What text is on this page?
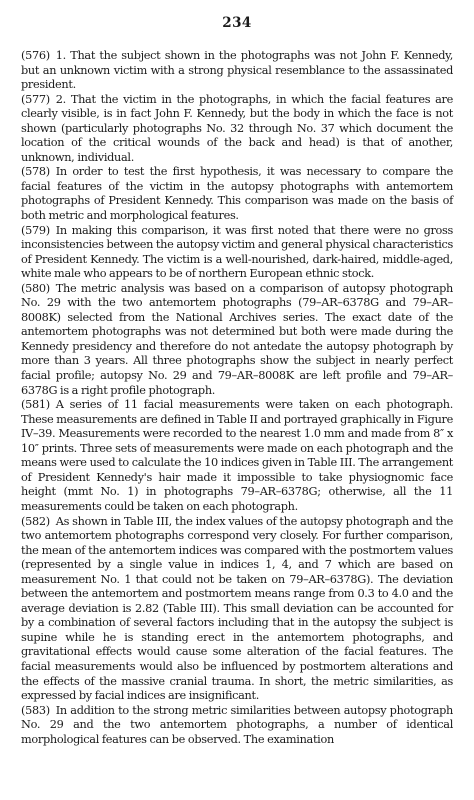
234

(576) 1. That the subject shown in the photographs was not John F. Kennedy, but an unknown victim with a strong physical resemblance to the assassinated president.

(577) 2. That the victim in the photographs, in which the facial features are clearly visible, is in fact John F. Kennedy, but the body in which the face is not shown (particularly photographs No. 32 through No. 37 which document the location of the critical wounds of the back and head) is that of another, unknown, individual.

(578) In order to test the first hypothesis, it was necessary to compare the facial features of the victim in the autopsy photographs with antemortem photographs of President Kennedy. This comparison was made on the basis of both metric and morphological features.

(579) In making this comparison, it was first noted that there were no gross inconsistencies between the autopsy victim and general physical characteristics of President Kennedy. The victim is a well-nourished, dark-haired, middle-aged, white male who appears to be of northern European ethnic stock.

(580) The metric analysis was based on a comparison of autopsy photograph No. 29 with the two antemortem photographs (79–AR–6378G and 79–AR–8008K) selected from the National Archives series. The exact date of the antemortem photographs was not determined but both were made during the Kennedy presidency and therefore do not antedate the autopsy photograph by more than 3 years. All three photographs show the subject in nearly perfect facial profile; autopsy No. 29 and 79–AR–8008K are left profile and 79–AR–6378G is a right profile photograph.

(581) A series of 11 facial measurements were taken on each photograph. These measurements are defined in Table II and portrayed graphically in Figure IV–39. Measurements were recorded to the nearest 1.0 mm and made from 8″ x 10″ prints. Three sets of measurements were made on each photograph and the means were used to calculate the 10 indices given in Table III. The arrangement of President Kennedy's hair made it impossible to take physiognomic face height (mmt No. 1) in photographs 79–AR–6378G; otherwise, all the 11 measurements could be taken on each photograph.

(582) As shown in Table III, the index values of the autopsy photograph and the two antemortem photographs correspond very closely. For further comparison, the mean of the antemortem indices was compared with the postmortem values (represented by a single value in indices 1, 4, and 7 which are based on measurement No. 1 that could not be taken on 79–AR–6378G). The deviation between the antemortem and postmortem means range from 0.3 to 4.0 and the average deviation is 2.82 (Table III). This small deviation can be accounted for by a combination of several factors including that in the autopsy the subject is supine while he is standing erect in the antemortem photographs, and gravitational effects would cause some alteration of the facial features. The facial measurements would also be influenced by postmortem alterations and the effects of the massive cranial trauma. In short, the metric similarities, as expressed by facial indices are insignificant.

(583) In addition to the strong metric similarities between autopsy photograph No. 29 and the two antemortem photographs, a number of identical morphological features can be observed. The examination
